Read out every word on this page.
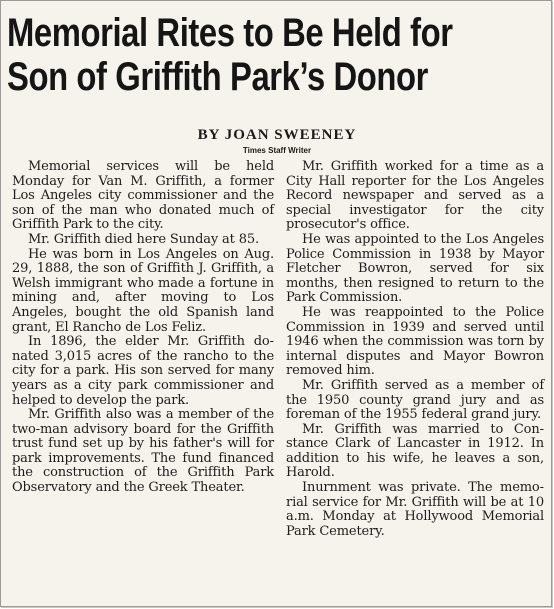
Memorial Rites to Be Held for
Son of Griffith Park’s Donor
BY JOAN SWEENEY
Times Staff Writer

Memorial services will be held Monday for Van M. Griffith, a former Los Angeles city commissioner and the son of the man who donated much of Griffith Park to the city.

Mr. Griffith died here Sunday at 85.

He was born in Los Angeles on Aug. 29, 1888, the son of Griffith J. Griffith, a Welsh immigrant who made a fortune in mining and, after moving to Los Angeles, bought the old Spanish land grant, El Rancho de Los Feliz.

In 1896, the elder Mr. Griffith donated 3,015 acres of the rancho to the city for a park. His son served for many years as a city park commissioner and helped to develop the park.

Mr. Griffith also was a member of the two-man advisory board for the Griffith trust fund set up by his father's will for park improvements. The fund financed the construction of the Griffith Park Observatory and the Greek Theater.

Mr. Griffith worked for a time as a City Hall reporter for the Los Angeles Record newspaper and served as a special investigator for the city prosecutor's office.

He was appointed to the Los Angeles Police Commission in 1938 by Mayor Fletcher Bowron, served for six months, then resigned to return to the Park Commission.

He was reappointed to the Police Commission in 1939 and served until 1946 when the commission was torn by internal disputes and Mayor Bowron removed him.

Mr. Griffith served as a member of the 1950 county grand jury and as foreman of the 1955 federal grand jury.

Mr. Griffith was married to Constance Clark of Lancaster in 1912. In addition to his wife, he leaves a son, Harold.

Inurnment was private. The memorial service for Mr. Griffith will be at 10 a.m. Monday at Hollywood Memorial Park Cemetery.
